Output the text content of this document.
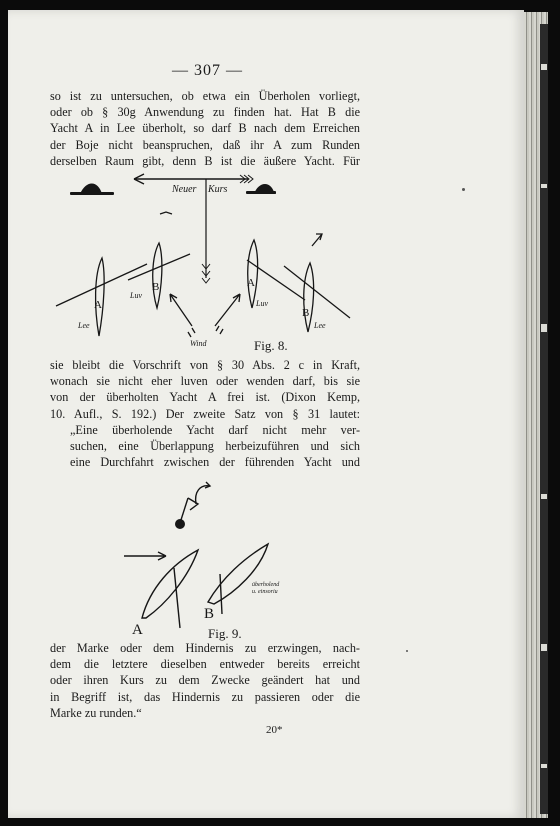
— 307 —

so ist zu untersuchen, ob etwa ein Überholen vorliegt,
oder ob § 30g Anwendung zu finden hat. Hat B die
Yacht A in Lee überholt, so darf B nach dem Erreichen
der Boje nicht beanspruchen, daß ihr A zum Runden
derselben Raum gibt, denn B ist die äußere Yacht. Für

Neuer Kurs
A
B	A
B
Lee
Luv
Luv
Lee
Wind	Fig. 8.

sie bleibt die Vorschrift von § 30 Abs. 2 c in Kraft,
wonach sie nicht eher luven oder wenden darf, bis sie
von der überholten Yacht A frei ist. (Dixon Kemp,
10. Aufl., S. 192.) Der zweite Satz von § 31 lautet:
„Eine überholende Yacht darf nicht mehr ver-
suchen, eine Überlappung herbeizuführen und sich
eine Durchfahrt zwischen der führenden Yacht und

A
B
überholend
u. einsoriu
Fig. 9.

der Marke oder dem Hindernis zu erzwingen, nach-
dem die letztere dieselben entweder bereits erreicht
oder ihren Kurs zu dem Zwecke geändert hat und
in Begriff ist, das Hindernis zu passieren oder die
Marke zu runden.“

20*
